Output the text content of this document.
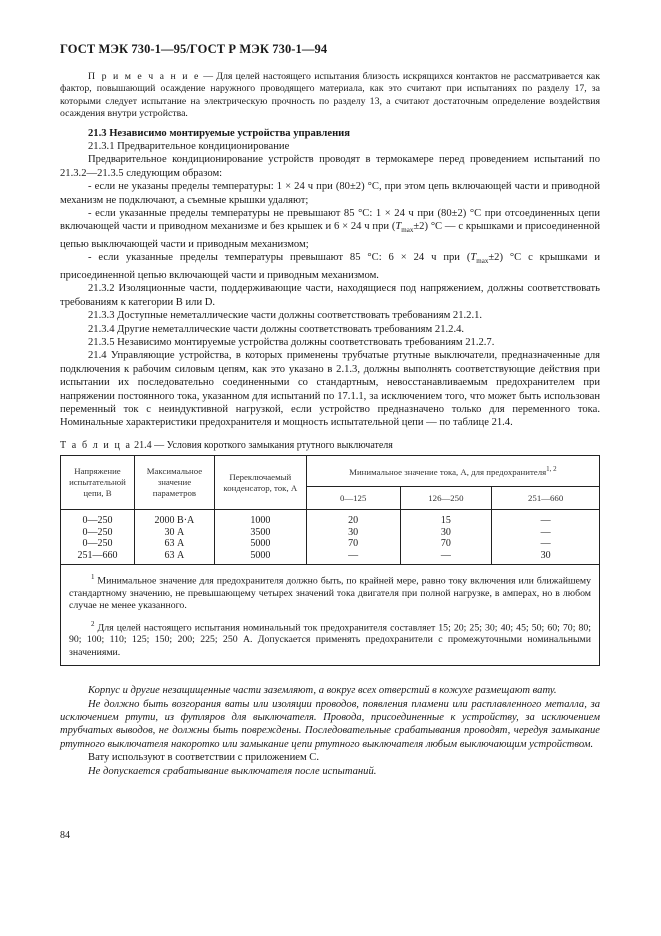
ГОСТ МЭК 730-1—95/ГОСТ Р МЭК 730-1—94

П р и м е ч а н и е — Для целей настоящего испытания близость искрящихся контактов не рассматривается как фактор, повышающий осаждение наружного проводящего материала, как это считают при испытаниях по разделу 17, за которыми следует испытание на электрическую прочность по разделу 13, а считают достаточным определение воздействия осаждения внутри устройства.

21.3 Независимо монтируемые устройства управления

21.3.1 Предварительное кондиционирование

Предварительное кондиционирование устройств проводят в термокамере перед проведением испытаний по 21.3.2—21.3.5 следующим образом:

- если не указаны пределы температуры: 1 × 24 ч при (80±2) °С, при этом цепь включающей части и приводной механизм не подключают, а съемные крышки удаляют;

- если указанные пределы температуры не превышают 85 °С: 1 × 24 ч при (80±2) °С при отсоединенных цепи включающей части и приводном механизме и без крышек и 6 × 24 ч при $(T_{max}\pm 2)$ °С — с крышками и присоединенной цепью выключающей части и приводным механизмом;

- если указанные пределы температуры превышают 85 °С: 6 × 24 ч при $(T_{max}\pm 2)$ °С с крышками и присоединенной цепью включающей части и приводным механизмом.

21.3.2 Изоляционные части, поддерживающие части, находящиеся под напряжением, должны соответствовать требованиям к категории В или D.

21.3.3 Доступные неметаллические части должны соответствовать требованиям 21.2.1.

21.3.4 Другие неметаллические части должны соответствовать требованиям 21.2.4.

21.3.5 Независимо монтируемые устройства должны соответствовать требованиям 21.2.7.

21.4 Управляющие устройства, в которых применены трубчатые ртутные выключатели, предназначенные для подключения к рабочим силовым цепям, как это указано в 2.1.3, должны выполнять соответствующие действия при испытании их последовательно соединенными со стандартным, невосстанавливаемым предохранителем при напряжении постоянного тока, указанном для испытаний по 17.1.1, за исключением того, что может быть использован переменный ток с неиндуктивной нагрузкой, если устройство предназначено только для переменного тока. Номинальные характеристики предохранителя и мощность испытательной цепи — по таблице 21.4.

Т а б л и ц а 21.4 — Условия короткого замыкания ртутного выключателя

Напряжение испытательной цепи, В	Максимальное значение параметров	Переключаемый конденсатор, ток, А	Минимальное значение тока, А, для предохранителя$^{1, 2}$
			0—125	126—250	251—660
0—250	2000 В·А	1000	20	15	—
0—250	30 А	3500	30	30	—
0—250	63 А	5000	70	70	—
251—660	63 А	5000	—	—	30

$^1$ Минимальное значение для предохранителя должно быть, по крайней мере, равно току включения или ближайшему стандартному значению, не превышающему четырех значений тока двигателя при полной нагрузке, в амперах, но в любом случае не менее указанного.

$^2$ Для целей настоящего испытания номинальный ток предохранителя составляет 15; 20; 25; 30; 40; 45; 50; 60; 70; 80; 90; 100; 110; 125; 150; 200; 225; 250 А. Допускается применять предохранители с промежуточными номинальными значениями.					

Корпус и другие незащищенные части заземляют, а вокруг всех отверстий в кожухе размещают вату.

Не должно быть возгорания ваты или изоляции проводов, появления пламени или расплавленного металла, за исключением ртути, из футляров для выключателя. Провода, присоединенные к устройству, за исключением трубчатых выводов, не должны быть повреждены. Последовательные срабатывания проводят, чередуя замыкание ртутного выключателя накоротко или замыкание цепи ртутного выключателя любым выключающим устройством.

Вату используют в соответствии с приложением С.

Не допускается срабатывание выключателя после испытаний.

84
